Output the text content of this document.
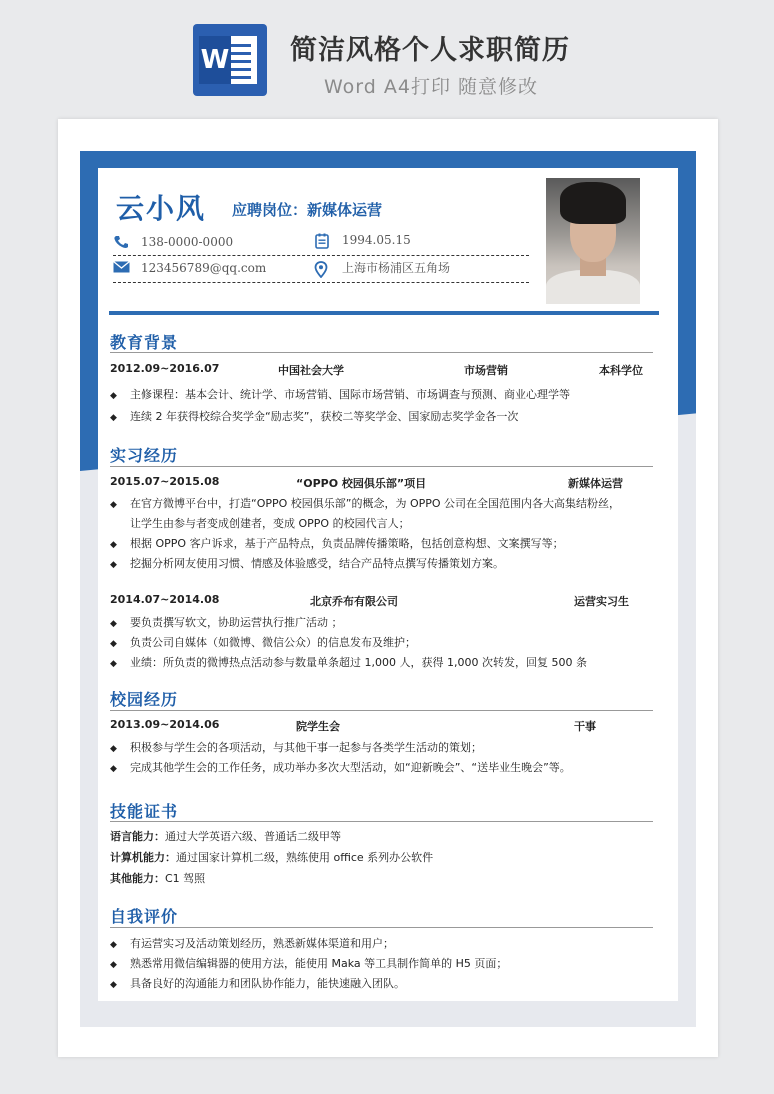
W 简洁风格个人求职简历
Word A4打印 随意修改
云小风 应聘岗位：新媒体运营
138-0000-0000	1994.05.15
123456789@qq.com	上海市杨浦区五角场
教育背景
2012.09~2016.07	中国社会大学	市场营销	本科学位
◆ 主修课程：基本会计、统计学、市场营销、国际市场营销、市场调查与预测、商业心理学等
◆ 连续 2 年获得校综合奖学金“励志奖”，获校二等奖学金、国家励志奖学金各一次
实习经历
2015.07~2015.08	“OPPO 校园俱乐部”项目	新媒体运营
◆ 在官方微博平台中，打造“OPPO 校园俱乐部”的概念，为 OPPO 公司在全国范围内各大高集结粉丝，
让学生由参与者变成创建者，变成 OPPO 的校园代言人；
◆ 根据 OPPO 客户诉求，基于产品特点，负责品牌传播策略，包括创意构想、文案撰写等；
◆ 挖掘分析网友使用习惯、情感及体验感受，结合产品特点撰写传播策划方案。
2014.07~2014.08	北京乔布有限公司	运营实习生
◆ 要负责撰写软文，协助运营执行推广活动 ；
◆ 负责公司自媒体（如微博、微信公众）的信息发布及维护；
◆ 业绩：所负责的微博热点活动参与数量单条超过 1,000 人，获得 1,000 次转发，回复 500 条
校园经历
2013.09~2014.06	院学生会	干事
◆ 积极参与学生会的各项活动，与其他干事一起参与各类学生活动的策划；
◆ 完成其他学生会的工作任务，成功举办多次大型活动，如“迎新晚会”、“送毕业生晚会”等。
技能证书
语言能力：通过大学英语六级、普通话二级甲等
计算机能力：通过国家计算机二级，熟练使用 office 系列办公软件
其他能力：C1 驾照
自我评价
◆ 有运营实习及活动策划经历，熟悉新媒体渠道和用户；
◆ 熟悉常用微信编辑器的使用方法，能使用 Maka 等工具制作简单的 H5 页面；
◆ 具备良好的沟通能力和团队协作能力，能快速融入团队。
